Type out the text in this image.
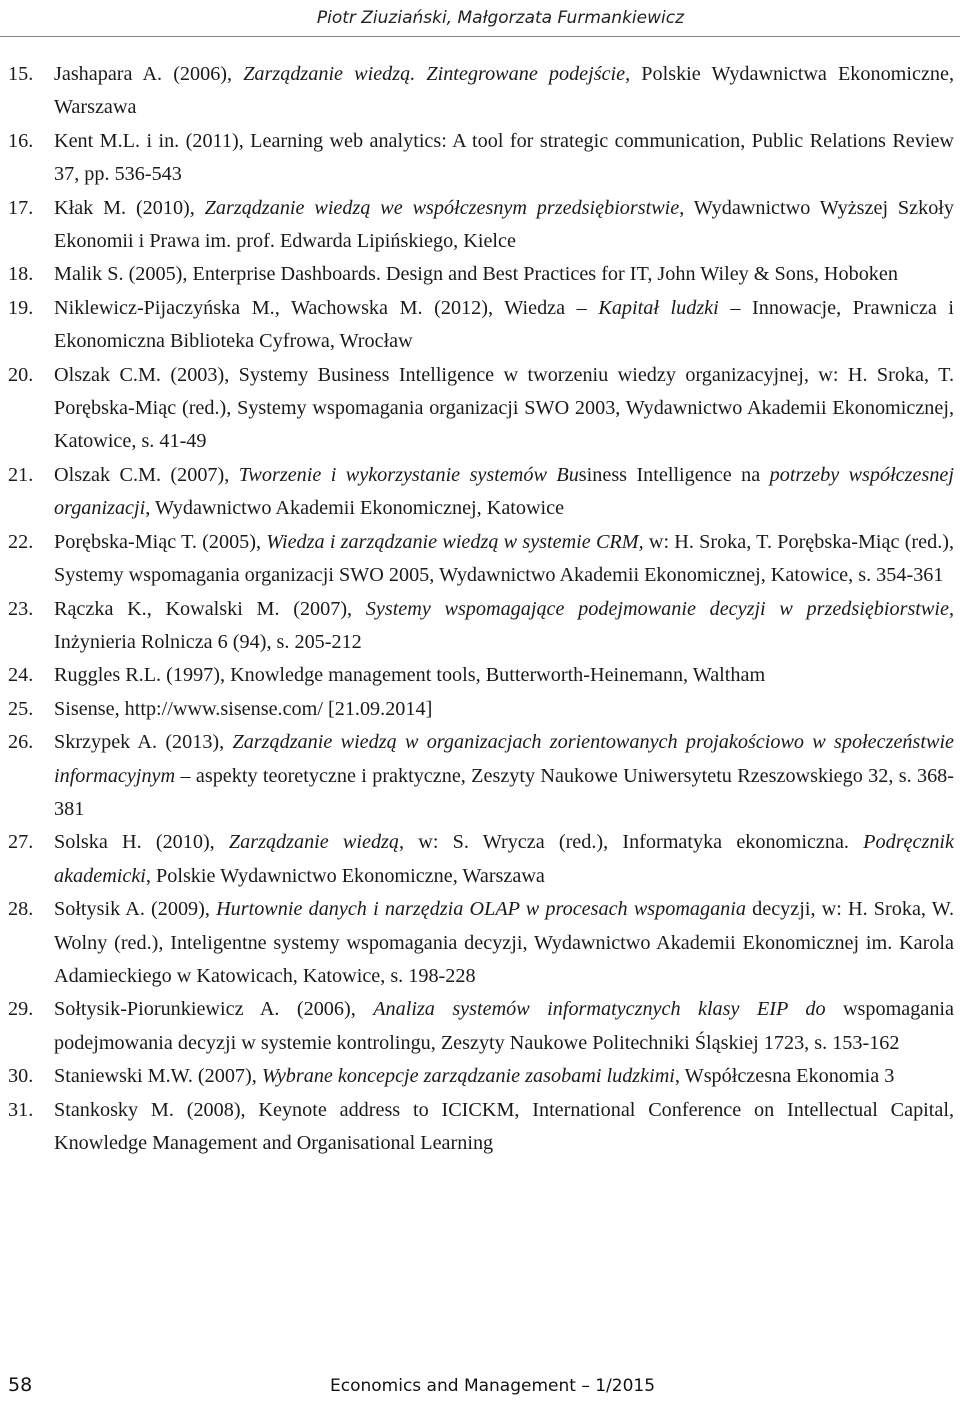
Piotr Ziuziański, Małgorzata Furmankiewicz
15. Jashapara A. (2006), Zarządzanie wiedzą. Zintegrowane podejście, Polskie Wydawnictwa Ekonomiczne, Warszawa
16. Kent M.L. i in. (2011), Learning web analytics: A tool for strategic communication, Public Relations Review 37, pp. 536-543
17. Kłak M. (2010), Zarządzanie wiedzą we współczesnym przedsiębiorstwie, Wydawnictwo Wyższej Szkoły Ekonomii i Prawa im. prof. Edwarda Lipińskiego, Kielce
18. Malik S. (2005), Enterprise Dashboards. Design and Best Practices for IT, John Wiley & Sons, Hoboken
19. Niklewicz-Pijaczyńska M., Wachowska M. (2012), Wiedza – Kapitał ludzki – Innowacje, Prawnicza i Ekonomiczna Biblioteka Cyfrowa, Wrocław
20. Olszak C.M. (2003), Systemy Business Intelligence w tworzeniu wiedzy organizacyjnej, w: H. Sroka, T. Porębska-Miąc (red.), Systemy wspomagania organizacji SWO 2003, Wydawnictwo Akademii Ekonomicznej, Katowice, s. 41-49
21. Olszak C.M. (2007), Tworzenie i wykorzystanie systemów Business Intelligence na potrzeby współczesnej organizacji, Wydawnictwo Akademii Ekonomicznej, Katowice
22. Porębska-Miąc T. (2005), Wiedza i zarządzanie wiedzą w systemie CRM, w: H. Sroka, T. Porębska-Miąc (red.), Systemy wspomagania organizacji SWO 2005, Wydawnictwo Akademii Ekonomicznej, Katowice, s. 354-361
23. Rączka K., Kowalski M. (2007), Systemy wspomagające podejmowanie decyzji w przedsiębiorstwie, Inżynieria Rolnicza 6 (94), s. 205-212
24. Ruggles R.L. (1997), Knowledge management tools, Butterworth-Heinemann, Waltham
25. Sisense, http://www.sisense.com/ [21.09.2014]
26. Skrzypek A. (2013), Zarządzanie wiedzą w organizacjach zorientowanych projakościowo w społeczeństwie informacyjnym – aspekty teoretyczne i praktyczne, Zeszyty Naukowe Uniwersytetu Rzeszowskiego 32, s. 368-381
27. Solska H. (2010), Zarządzanie wiedzą, w: S. Wrycza (red.), Informatyka ekonomiczna. Podręcznik akademicki, Polskie Wydawnictwo Ekonomiczne, Warszawa
28. Sołtysik A. (2009), Hurtownie danych i narzędzia OLAP w procesach wspomagania decyzji, w: H. Sroka, W. Wolny (red.), Inteligentne systemy wspomagania decyzji, Wydawnictwo Akademii Ekonomicznej im. Karola Adamieckiego w Katowicach, Katowice, s. 198-228
29. Sołtysik-Piorunkiewicz A. (2006), Analiza systemów informatycznych klasy EIP do wspomagania podejmowania decyzji w systemie kontrolingu, Zeszyty Naukowe Politechniki Śląskiej 1723, s. 153-162
30. Staniewski M.W. (2007), Wybrane koncepcje zarządzanie zasobami ludzkimi, Współczesna Ekonomia 3
31. Stankosky M. (2008), Keynote address to ICICKM, International Conference on Intellectual Capital, Knowledge Management and Organisational Learning
58	Economics and Management – 1/2015
